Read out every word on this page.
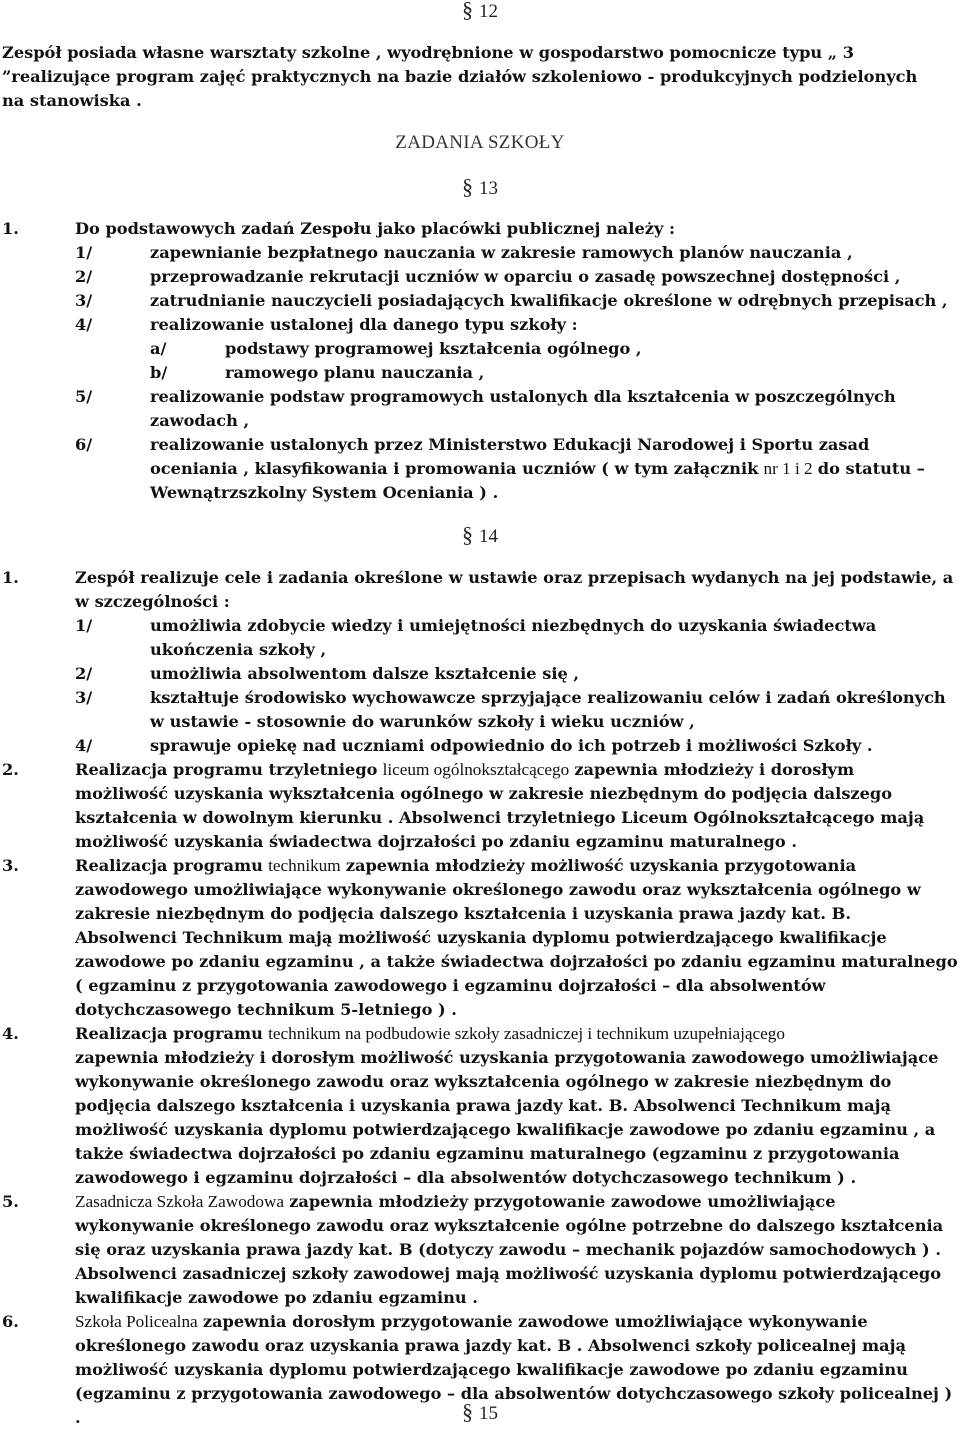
§ 12
Zespół posiada własne warsztaty szkolne , wyodrębnione w gospodarstwo pomocnicze typu „ 3
”realizujące program zajęć praktycznych na bazie działów szkoleniowo - produkcyjnych podzielonych
na stanowiska .
ZADANIA SZKOŁY
§ 13
1.	Do podstawowych zadań Zespołu jako placówki publicznej należy :
1/	zapewnianie bezpłatnego nauczania w zakresie ramowych planów nauczania ,
2/	przeprowadzanie rekrutacji uczniów w oparciu o zasadę powszechnej dostępności ,
3/	zatrudnianie nauczycieli posiadających kwalifikacje określone w odrębnych przepisach ,
4/	realizowanie ustalonej dla danego typu szkoły :
a/	podstawy programowej kształcenia ogólnego ,
b/	ramowego planu nauczania ,
5/	realizowanie podstaw programowych ustalonych dla kształcenia w poszczególnych
zawodach ,
6/	realizowanie ustalonych przez Ministerstwo Edukacji Narodowej i Sportu zasad
oceniania , klasyfikowania i promowania uczniów ( w tym załącznik nr 1 i 2 do statutu –
Wewnątrzszkolny System Oceniania ) .
§ 14
1.	Zespół realizuje cele i zadania określone w ustawie oraz przepisach wydanych na jej podstawie, a
w szczególności :
1/	umożliwia zdobycie wiedzy i umiejętności niezbędnych do uzyskania świadectwa
ukończenia szkoły ,
2/	umożliwia absolwentom dalsze kształcenie się ,
3/	kształtuje środowisko wychowawcze sprzyjające realizowaniu celów i zadań określonych
w ustawie - stosownie do warunków szkoły i wieku uczniów ,
4/	sprawuje opiekę nad uczniami odpowiednio do ich potrzeb i możliwości Szkoły .
2.	Realizacja programu trzyletniego liceum ogólnokształcącego zapewnia młodzieży i dorosłym
możliwość uzyskania wykształcenia ogólnego w zakresie niezbędnym do podjęcia dalszego
kształcenia w dowolnym kierunku . Absolwenci trzyletniego Liceum Ogólnokształcącego mają
możliwość uzyskania świadectwa dojrzałości po zdaniu egzaminu maturalnego .
3.	Realizacja programu technikum zapewnia młodzieży możliwość uzyskania przygotowania
zawodowego umożliwiające wykonywanie określonego zawodu oraz wykształcenia ogólnego w
zakresie niezbędnym do podjęcia dalszego kształcenia i uzyskania prawa jazdy kat. B.
Absolwenci Technikum mają możliwość uzyskania dyplomu potwierdzającego kwalifikacje
zawodowe po zdaniu egzaminu , a także świadectwa dojrzałości po zdaniu egzaminu maturalnego
( egzaminu z przygotowania zawodowego i egzaminu dojrzałości – dla absolwentów
dotychczasowego technikum 5-letniego ) .
4.	Realizacja programu technikum na podbudowie szkoły zasadniczej i technikum uzupełniającego
zapewnia młodzieży i dorosłym możliwość uzyskania przygotowania zawodowego umożliwiające
wykonywanie określonego zawodu oraz wykształcenia ogólnego w zakresie niezbędnym do
podjęcia dalszego kształcenia i uzyskania prawa jazdy kat. B. Absolwenci Technikum mają
możliwość uzyskania dyplomu potwierdzającego kwalifikacje zawodowe po zdaniu egzaminu , a
także świadectwa dojrzałości po zdaniu egzaminu maturalnego (egzaminu z przygotowania
zawodowego i egzaminu dojrzałości – dla absolwentów dotychczasowego technikum ) .
5.	Zasadnicza Szkoła Zawodowa zapewnia młodzieży przygotowanie zawodowe umożliwiające
wykonywanie określonego zawodu oraz wykształcenie ogólne potrzebne do dalszego kształcenia
się oraz uzyskania prawa jazdy kat. B (dotyczy zawodu – mechanik pojazdów samochodowych ) .
Absolwenci zasadniczej szkoły zawodowej mają możliwość uzyskania dyplomu potwierdzającego
kwalifikacje zawodowe po zdaniu egzaminu .
6.	Szkoła Policealna zapewnia dorosłym przygotowanie zawodowe umożliwiające wykonywanie
określonego zawodu oraz uzyskania prawa jazdy kat. B . Absolwenci szkoły policealnej mają
możliwość uzyskania dyplomu potwierdzającego kwalifikacje zawodowe po zdaniu egzaminu
(egzaminu z przygotowania zawodowego – dla absolwentów dotychczasowego szkoły policealnej ) .	§ 15
